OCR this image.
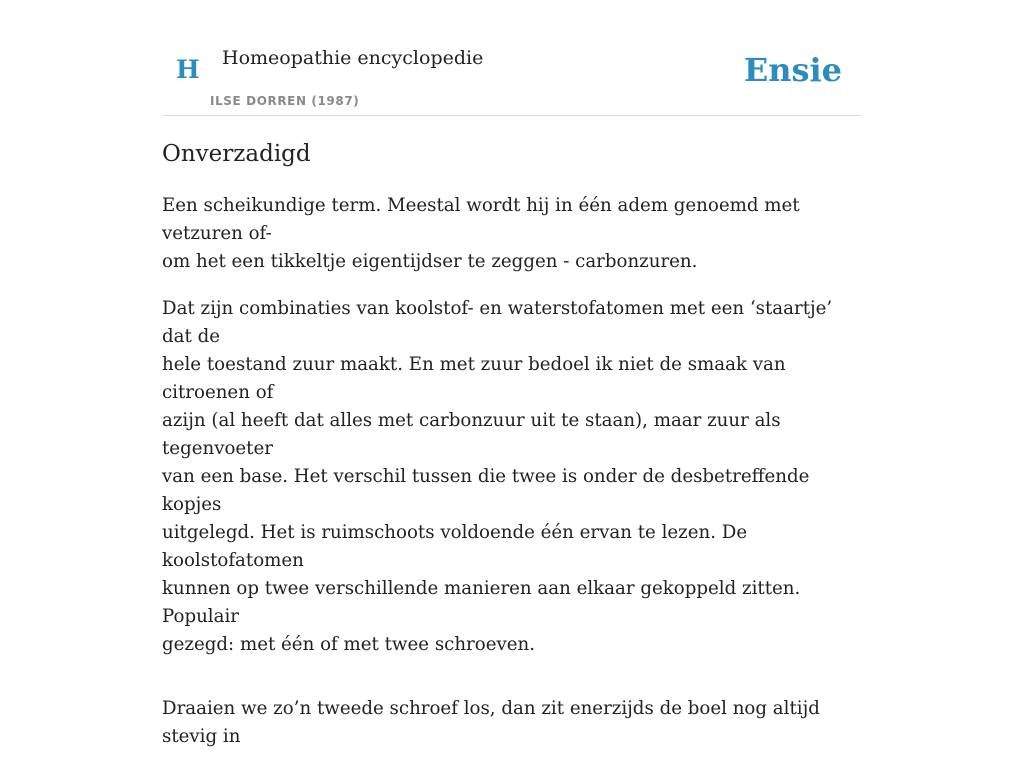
H Homeopathie encyclopedie
ILSE DORREN (1987)
Ensie
Onverzadigd

Een scheikundige term. Meestal wordt hij in één adem genoemd met vetzuren of-
om het een tikkeltje eigentijdser te zeggen - carbonzuren.

Dat zijn combinaties van koolstof- en waterstofatomen met een ‘staartje’ dat de
hele toestand zuur maakt. En met zuur bedoel ik niet de smaak van citroenen of
azijn (al heeft dat alles met carbonzuur uit te staan), maar zuur als tegenvoeter
van een base. Het verschil tussen die twee is onder de desbetreffende kopjes
uitgelegd. Het is ruimschoots voldoende één ervan te lezen. De koolstofatomen
kunnen op twee verschillende manieren aan elkaar gekoppeld zitten. Populair
gezegd: met één of met twee schroeven.

Draaien we zo’n tweede schroef los, dan zit enerzijds de boel nog altijd stevig in
